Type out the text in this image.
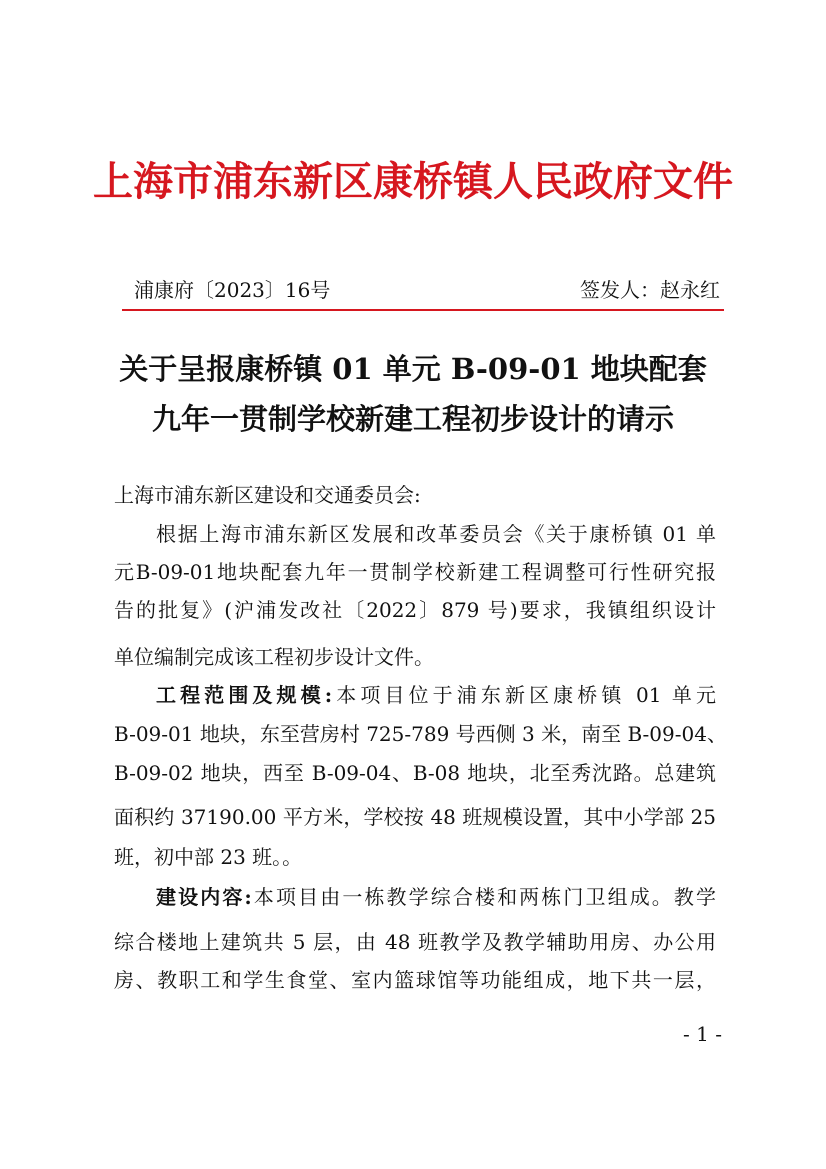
上海市浦东新区康桥镇人民政府文件
浦康府〔2023〕16号	签发人：赵永红
关于呈报康桥镇 01 单元 B-09-01 地块配套
九年一贯制学校新建工程初步设计的请示
上海市浦东新区建设和交通委员会:
根据上海市浦东新区发展和改革委员会《关于康桥镇 01 单
元B-09-01地块配套九年一贯制学校新建工程调整可行性研究报
告的批复》(沪浦发改社〔2022〕879 号)要求，我镇组织设计
单位编制完成该工程初步设计文件。
工程范围及规模:本项目位于浦东新区康桥镇 01 单元
B-09-01 地块，东至营房村 725-789 号西侧 3 米，南至 B-09-04、
B-09-02 地块，西至 B-09-04、B-08 地块，北至秀沈路。总建筑
面积约 37190.00 平方米，学校按 48 班规模设置，其中小学部 25
班，初中部 23 班。。
建设内容:本项目由一栋教学综合楼和两栋门卫组成。教学
综合楼地上建筑共 5 层，由 48 班教学及教学辅助用房、办公用
房、教职工和学生食堂、室内篮球馆等功能组成，地下共一层，
- 1 -
